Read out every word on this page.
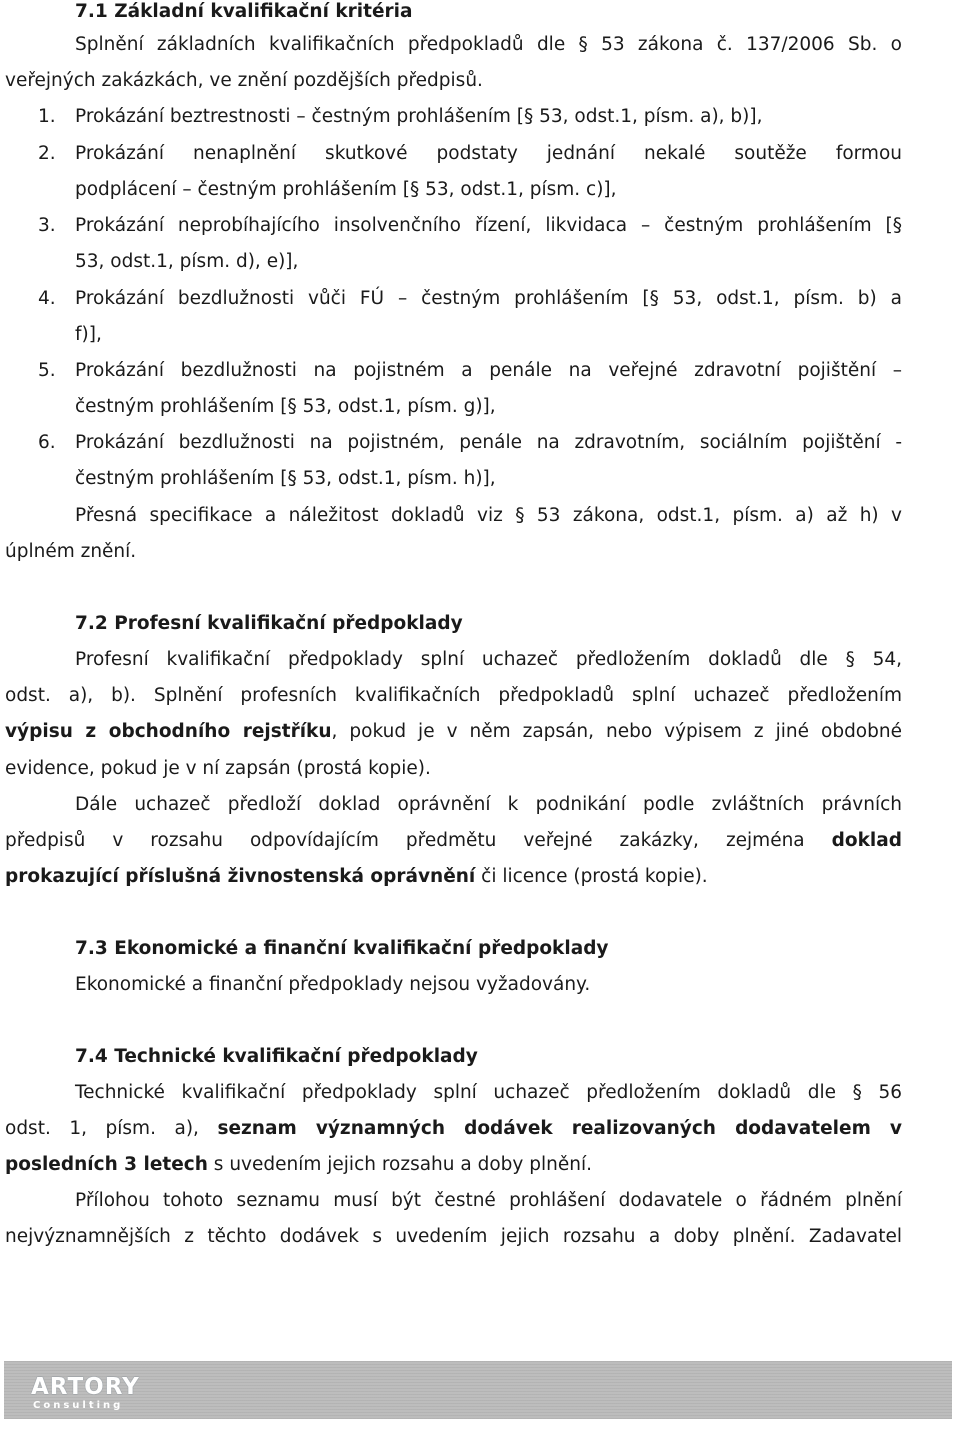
7.1 Základní kvalifikační kritéria
Splnění základních kvalifikačních předpokladů dle § 53 zákona č. 137/2006 Sb. o
veřejných zakázkách, ve znění pozdějších předpisů.
1. Prokázání beztrestnosti – čestným prohlášením [§ 53, odst.1, písm. a), b)],
2. Prokázání nenaplnění skutkové podstaty jednání nekalé soutěže formou
podplácení – čestným prohlášením [§ 53, odst.1, písm. c)],
3. Prokázání neprobíhajícího insolvenčního řízení, likvidaca – čestným prohlášením [§
53, odst.1, písm. d), e)],
4. Prokázání bezdlužnosti vůči FÚ – čestným prohlášením [§ 53, odst.1, písm. b) a
f)],
5. Prokázání bezdlužnosti na pojistném a penále na veřejné zdravotní pojištění –
čestným prohlášením [§ 53, odst.1, písm. g)],
6. Prokázání bezdlužnosti na pojistném, penále na zdravotním, sociálním pojištění -
čestným prohlášením [§ 53, odst.1, písm. h)],
Přesná specifikace a náležitost dokladů viz § 53 zákona, odst.1, písm. a) až h) v
úplném znění.
7.2 Profesní kvalifikační předpoklady
Profesní kvalifikační předpoklady splní uchazeč předložením dokladů dle § 54,
odst. a), b). Splnění profesních kvalifikačních předpokladů splní uchazeč předložením
výpisu z obchodního rejstříku, pokud je v něm zapsán, nebo výpisem z jiné obdobné
evidence, pokud je v ní zapsán (prostá kopie).
Dále uchazeč předloží doklad oprávnění k podnikání podle zvláštních právních
předpisů v rozsahu odpovídajícím předmětu veřejné zakázky, zejména doklad
prokazující příslušná živnostenská oprávnění či licence (prostá kopie).
7.3 Ekonomické a finanční kvalifikační předpoklady
Ekonomické a finanční předpoklady nejsou vyžadovány.
7.4 Technické kvalifikační předpoklady
Technické kvalifikační předpoklady splní uchazeč předložením dokladů dle § 56
odst. 1, písm. a), seznam významných dodávek realizovaných dodavatelem v
posledních 3 letech s uvedením jejich rozsahu a doby plnění.
Přílohou tohoto seznamu musí být čestné prohlášení dodavatele o řádném plnění
nejvýznamnějších z těchto dodávek s uvedením jejich rozsahu a doby plnění. Zadavatel
ARTORY
Consulting
